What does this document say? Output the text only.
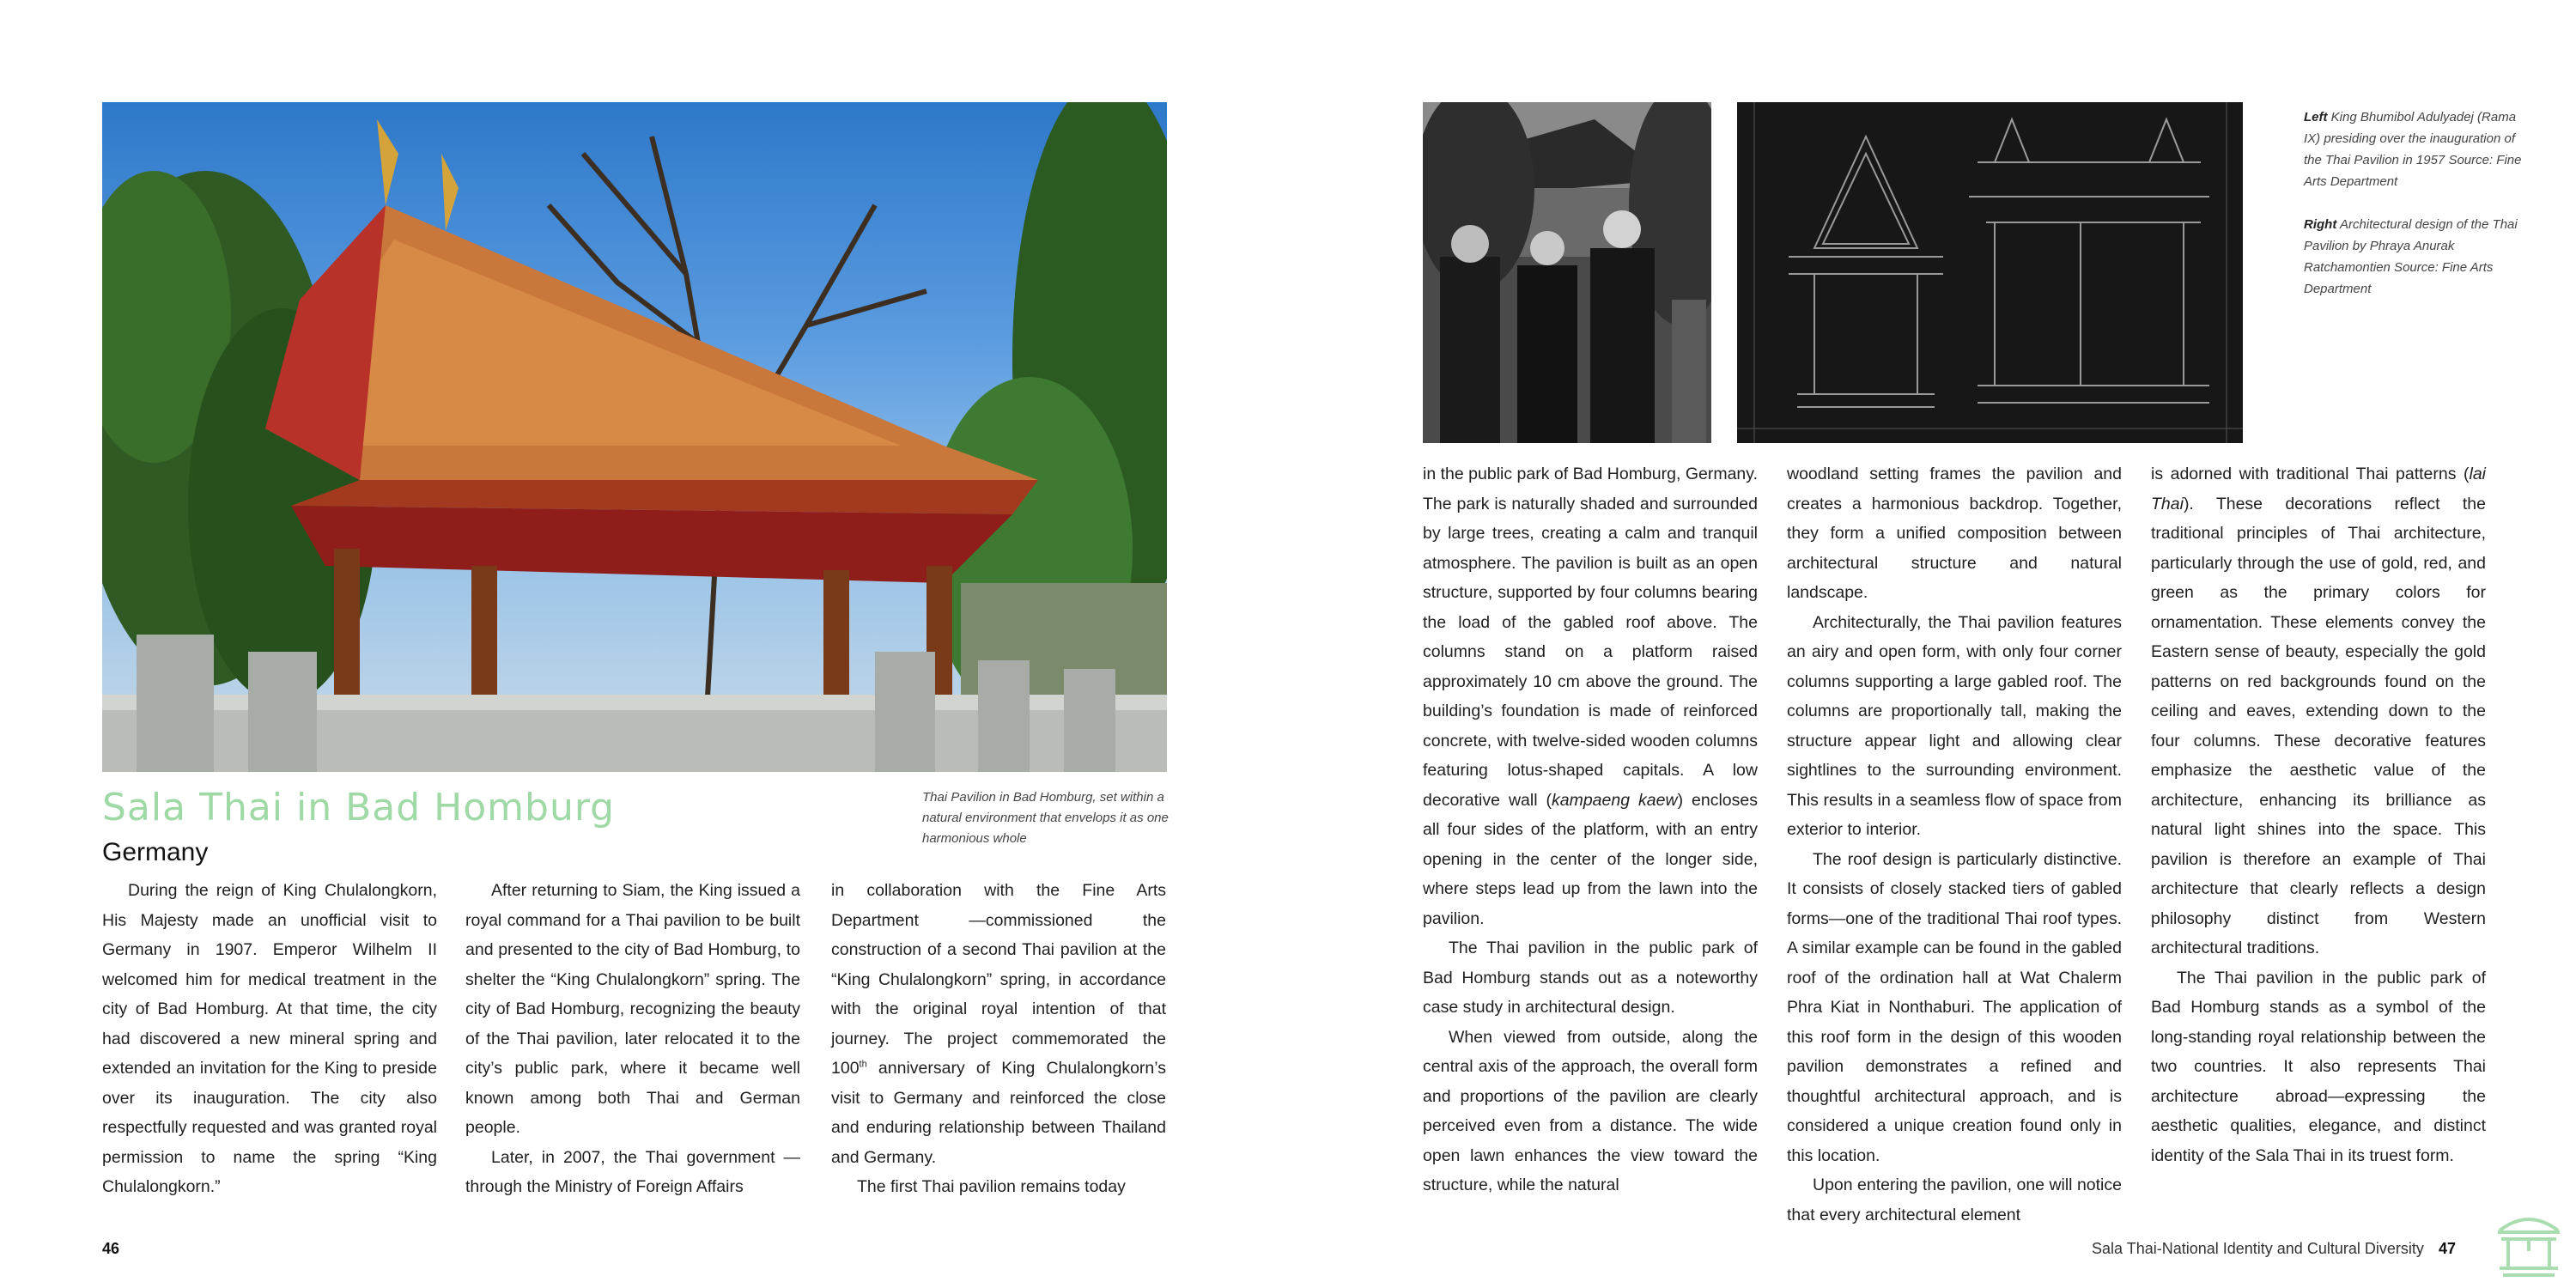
Thai Pavilion in Bad Homburg, set within a natural environment that envelops it as one harmonious whole
Sala Thai in Bad Homburg
Germany

During the reign of King Chulalongkorn, His Majesty made an unofficial visit to Germany in 1907. Emperor Wilhelm II welcomed him for medical treatment in the city of Bad Homburg. At that time, the city had discovered a new mineral spring and extended an invitation for the King to preside over its inauguration. The city also respectfully requested and was granted royal permission to name the spring “King Chulalongkorn.”

After returning to Siam, the King issued a royal command for a Thai pavilion to be built and presented to the city of Bad Homburg, to shelter the “King Chulalongkorn” spring. The city of Bad Homburg, recognizing the beauty of the Thai pavilion, later relocated it to the city’s public park, where it became well known among both Thai and German people.

Later, in 2007, the Thai government —through the Ministry of Foreign Affairs

in collaboration with the Fine Arts Department —commissioned the construction of a second Thai pavilion at the “King Chulalongkorn” spring, in accordance with the original royal intention of that journey. The project commemorated the 100th anniversary of King Chulalongkorn’s visit to Germany and reinforced the close and enduring relationship between Thailand and Germany.

The first Thai pavilion remains today

46

Left King Bhumibol Adulyadej (Rama IX) presiding over the inauguration of the Thai Pavilion in 1957 Source: Fine Arts Department

Right Architectural design of the Thai Pavilion by Phraya Anurak Ratchamontien Source: Fine Arts Department

in the public park of Bad Homburg, Germany. The park is naturally shaded and surrounded by large trees, creating a calm and tranquil atmosphere. The pavilion is built as an open structure, supported by four columns bearing the load of the gabled roof above. The columns stand on a platform raised approximately 10 cm above the ground. The building’s foundation is made of reinforced concrete, with twelve-sided wooden columns featuring lotus-shaped capitals. A low decorative wall (kampaeng kaew) encloses all four sides of the platform, with an entry opening in the center of the longer side, where steps lead up from the lawn into the pavilion.

The Thai pavilion in the public park of Bad Homburg stands out as a noteworthy case study in architectural design.

When viewed from outside, along the central axis of the approach, the overall form and proportions of the pavilion are clearly perceived even from a distance. The wide open lawn enhances the view toward the structure, while the natural

woodland setting frames the pavilion and creates a harmonious backdrop. Together, they form a unified composition between architectural structure and natural landscape.

Architecturally, the Thai pavilion features an airy and open form, with only four corner columns supporting a large gabled roof. The columns are proportionally tall, making the structure appear light and allowing clear sightlines to the surrounding environment. This results in a seamless flow of space from exterior to interior.

The roof design is particularly distinctive. It consists of closely stacked tiers of gabled forms—one of the traditional Thai roof types. A similar example can be found in the gabled roof of the ordination hall at Wat Chalerm Phra Kiat in Nonthaburi. The application of this roof form in the design of this wooden pavilion demonstrates a refined and thoughtful architectural approach, and is considered a unique creation found only in this location.

Upon entering the pavilion, one will notice that every architectural element

is adorned with traditional Thai patterns (lai Thai). These decorations reflect the traditional principles of Thai architecture, particularly through the use of gold, red, and green as the primary colors for ornamentation. These elements convey the Eastern sense of beauty, especially the gold patterns on red backgrounds found on the ceiling and eaves, extending down to the four columns. These decorative features emphasize the aesthetic value of the architecture, enhancing its brilliance as natural light shines into the space. This pavilion is therefore an example of Thai architecture that clearly reflects a design philosophy distinct from Western architectural traditions.

The Thai pavilion in the public park of Bad Homburg stands as a symbol of the long-standing royal relationship between the two countries. It also represents Thai architecture abroad—expressing the aesthetic qualities, elegance, and distinct identity of the Sala Thai in its truest form.

Sala Thai-National Identity and Cultural Diversity 47
